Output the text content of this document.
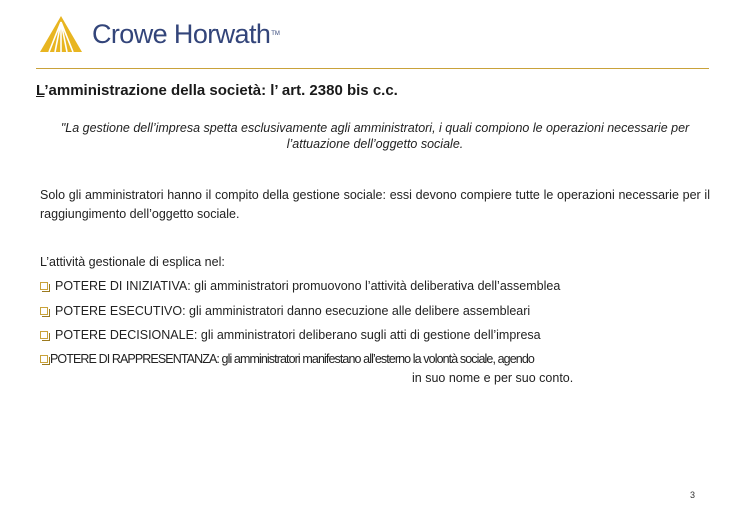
Crowe Horwath TM
L’amministrazione della società: l’ art. 2380 bis c.c.
"La gestione dell’impresa spetta esclusivamente agli amministratori, i quali compiono le operazioni necessarie per l’attuazione dell’oggetto sociale.
Solo gli amministratori hanno il compito della gestione sociale: essi devono compiere tutte le operazioni necessarie per il raggiungimento dell’oggetto sociale.
L’attività gestionale di esplica nel:
POTERE DI INIZIATIVA: gli amministratori promuovono l’attività deliberativa dell’assemblea
POTERE ESECUTIVO: gli amministratori danno esecuzione alle delibere assembleari
POTERE DECISIONALE: gli amministratori deliberano sugli atti di gestione dell’impresa
POTERE DI RAPPRESENTANZA: gli amministratori manifestano all’esterno la volontà sociale, agendo
in suo nome e per suo conto.
3
